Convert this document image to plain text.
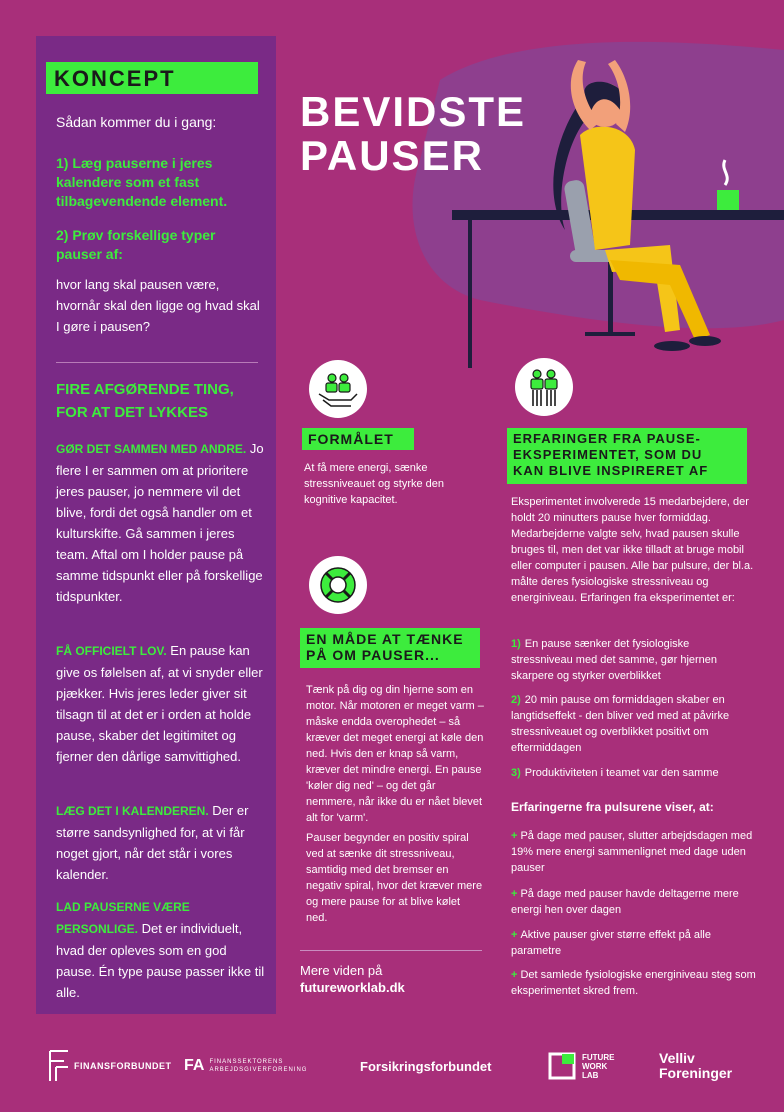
KONCEPT
Sådan kommer du i gang:
1) Læg pauserne i jeres kalendere som et fast tilbagevendende element.
2) Prøv forskellige typer pauser af:
hvor lang skal pausen være, hvornår skal den ligge og hvad skal I gøre i pausen?
FIRE AFGØRENDE TING, FOR AT DET LYKKES
GØR DET SAMMEN MED ANDRE. Jo flere I er sammen om at prioritere jeres pauser, jo nemmere vil det blive, fordi det også handler om et kulturskifte. Gå sammen i jeres team. Aftal om I holder pause på samme tidspunkt eller på forskellige tidspunkter.
FÅ OFFICIELT LOV. En pause kan give os følelsen af, at vi snyder eller pjækker. Hvis jeres leder giver sit tilsagn til at det er i orden at holde pause, skaber det legitimitet og fjerner den dårlige samvittighed.
LÆG DET I KALENDEREN. Der er større sandsynlighed for, at vi får noget gjort, når det står i vores kalender.
LAD PAUSERNE VÆRE PERSONLIGE. Det er individuelt, hvad der opleves som en god pause. Én type pause passer ikke til alle.
BEVIDSTE
PAUSER
FORMÅLET
At få mere energi, sænke stressniveauet og styrke den kognitive kapacitet.
EN MÅDE AT TÆNKE
PÅ OM PAUSER...
Tænk på dig og din hjerne som en motor. Når motoren er meget varm – måske endda overophedet – så kræver det meget energi at køle den ned. Hvis den er knap så varm, kræver det mindre energi. En pause 'køler dig ned' – og det går nemmere, når ikke du er nået blevet alt for 'varm'.
Pauser begynder en positiv spiral ved at sænke dit stressniveau, samtidig med det bremser en negativ spiral, hvor det kræver mere og mere pause for at blive kølet ned.
Mere viden på
futureworklab.dk
ERFARINGER FRA PAUSE-
EKSPERIMENTET, SOM DU
KAN BLIVE INSPIRERET AF
Eksperimentet involverede 15 medarbejdere, der holdt 20 minutters pause hver formiddag. Medarbejderne valgte selv, hvad pausen skulle bruges til, men det var ikke tilladt at bruge mobil eller computer i pausen. Alle bar pulsure, der bl.a. målte deres fysiologiske stressniveau og energiniveau. Erfaringen fra eksperimentet er:
1) En pause sænker det fysiologiske stressniveau med det samme, gør hjernen skarpere og styrker overblikket
2) 20 min pause om formiddagen skaber en langtidseffekt - den bliver ved med at påvirke stressniveauet og overblikket positivt om eftermiddagen
3) Produktiviteten i teamet var den samme
Erfaringerne fra pulsurene viser, at:
+ På dage med pauser, slutter arbejdsdagen med 19% mere energi sammenlignet med dage uden pauser
+ På dage med pauser havde deltagerne mere energi hen over dagen
+ Aktive pauser giver større effekt på alle parametre
+ Det samlede fysiologiske energiniveau steg som eksperimentet skred frem.
FINANSFORBUNDET FA FINANSSEKTORENS
ARBEJDSGIVERFORENING	Forsikringsforbundet
FUTURE
WORK
LAB
Velliv
Foreninger
